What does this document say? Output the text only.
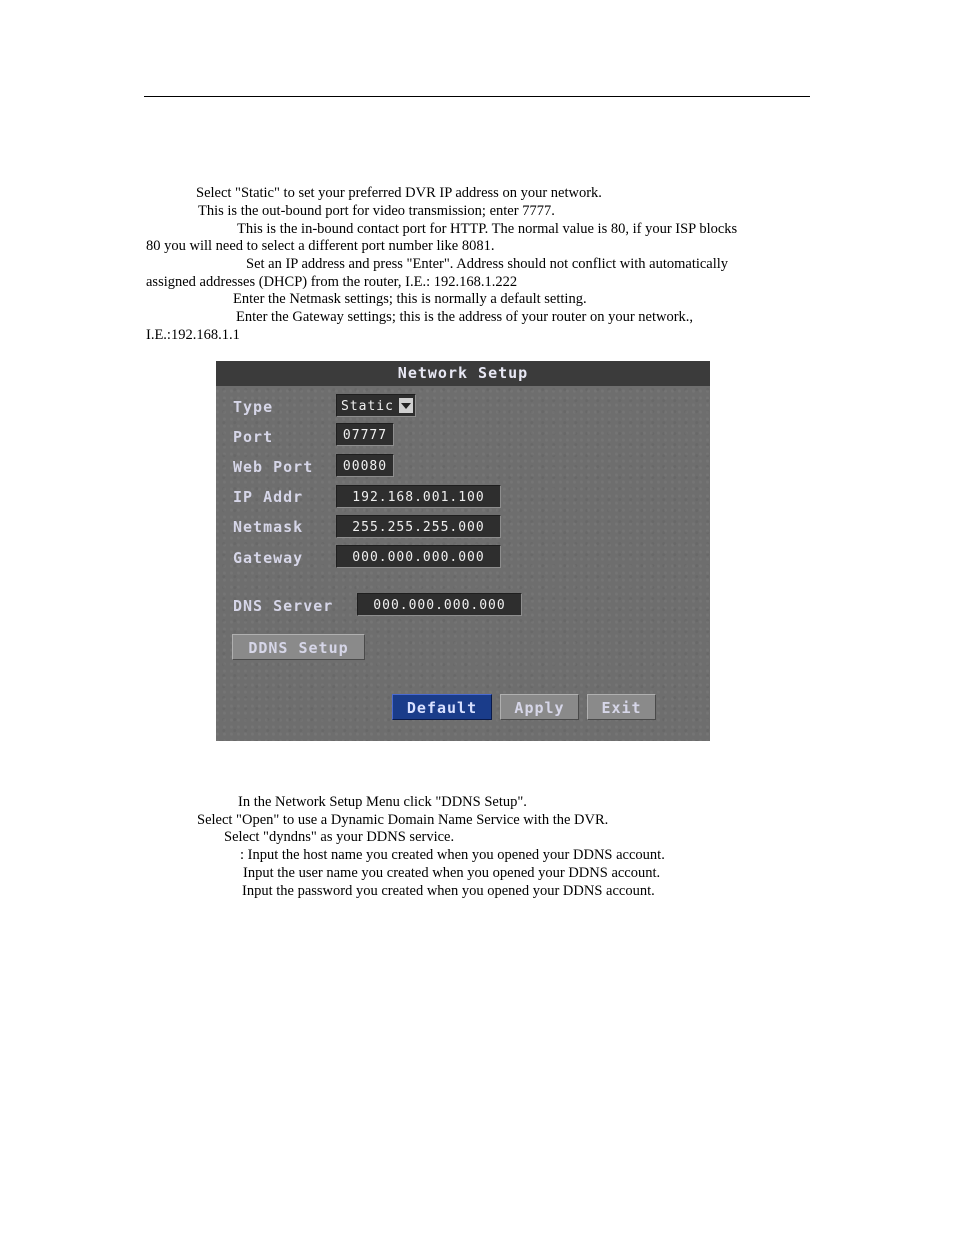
Select "Static" to set your preferred DVR IP address on your network.
This is the out-bound port for video transmission; enter 7777.
This is the in-bound contact port for HTTP. The normal value is 80, if your ISP blocks
80 you will need to select a different port number like 8081.
Set an IP address and press "Enter". Address should not conflict with automatically
assigned addresses (DHCP) from the router, I.E.: 192.168.1.222
Enter the Netmask settings; this is normally a default setting.
Enter the Gateway settings; this is the address of your router on your network.,
I.E.:192.168.1.1
Network Setup
Type	Static
Port	07777
Web Port	00080
IP Addr	192.168.001.100
Netmask	255.255.255.000
Gateway	000.000.000.000
DNS Server	000.000.000.000
DDNS Setup
Default	Apply	Exit
In the Network Setup Menu click "DDNS Setup".
Select "Open" to use a Dynamic Domain Name Service with the DVR.
Select "dyndns" as your DDNS service.
: Input the host name you created when you opened your DDNS account.
Input the user name you created when you opened your DDNS account.
Input the password you created when you opened your DDNS account.
